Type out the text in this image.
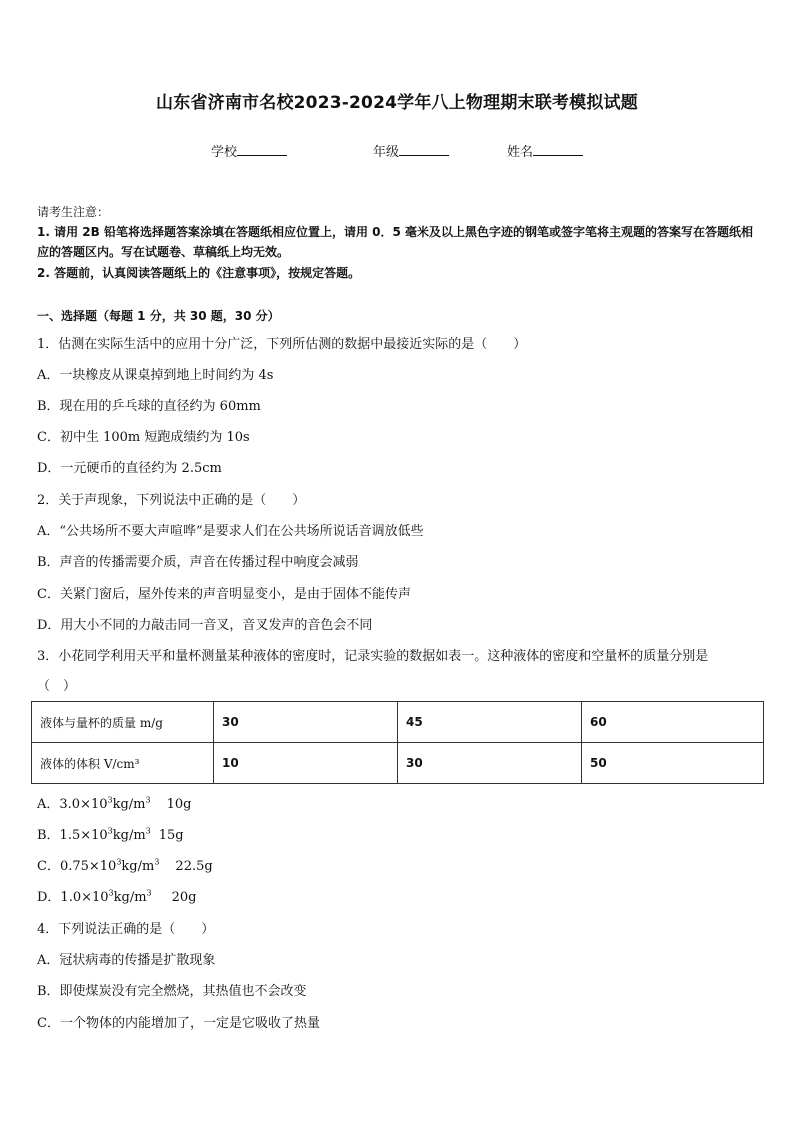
山东省济南市名校2023-2024学年八上物理期末联考模拟试题
学校	年级	姓名
请考生注意：
1. 请用 2B 铅笔将选择题答案涂填在答题纸相应位置上，请用 0．5 毫米及以上黑色字迹的钢笔或签字笔将主观题的答案写在答题纸相应的答题区内。写在试题卷、草稿纸上均无效。
2. 答题前，认真阅读答题纸上的《注意事项》，按规定答题。
一、选择题（每题 1 分，共 30 题，30 分）
1．估测在实际生活中的应用十分广泛，下列所估测的数据中最接近实际的是（　　）
A．一块橡皮从课桌掉到地上时间约为 4s
B．现在用的乒乓球的直径约为 60mm
C．初中生 100m 短跑成绩约为 10s
D．一元硬币的直径约为 2.5cm
2．关于声现象，下列说法中正确的是（　　）
A．“公共场所不要大声喧哗”是要求人们在公共场所说话音调放低些
B．声音的传播需要介质，声音在传播过程中响度会减弱
C．关紧门窗后，屋外传来的声音明显变小，是由于固体不能传声
D．用大小不同的力敲击同一音叉，音叉发声的音色会不同
3．小花同学利用天平和量杯测量某种液体的密度时，记录实验的数据如表一。这种液体的密度和空量杯的质量分别是
（　）
液体与量杯的质量 m/g	30	45	60
液体的体积 V/cm³	10	30	50
A．$3.0\times 10^3kg/m^3$ 10g
B．$1.5\times 10^3kg/m^3$ 15g
C．$0.75\times 10^3kg/m^3$ 22.5g
D．$1.0\times 10^3kg/m^3$ 20g
4．下列说法正确的是（　　）
A．冠状病毒的传播是扩散现象
B．即使煤炭没有完全燃烧，其热值也不会改变
C．一个物体的内能增加了，一定是它吸收了热量
